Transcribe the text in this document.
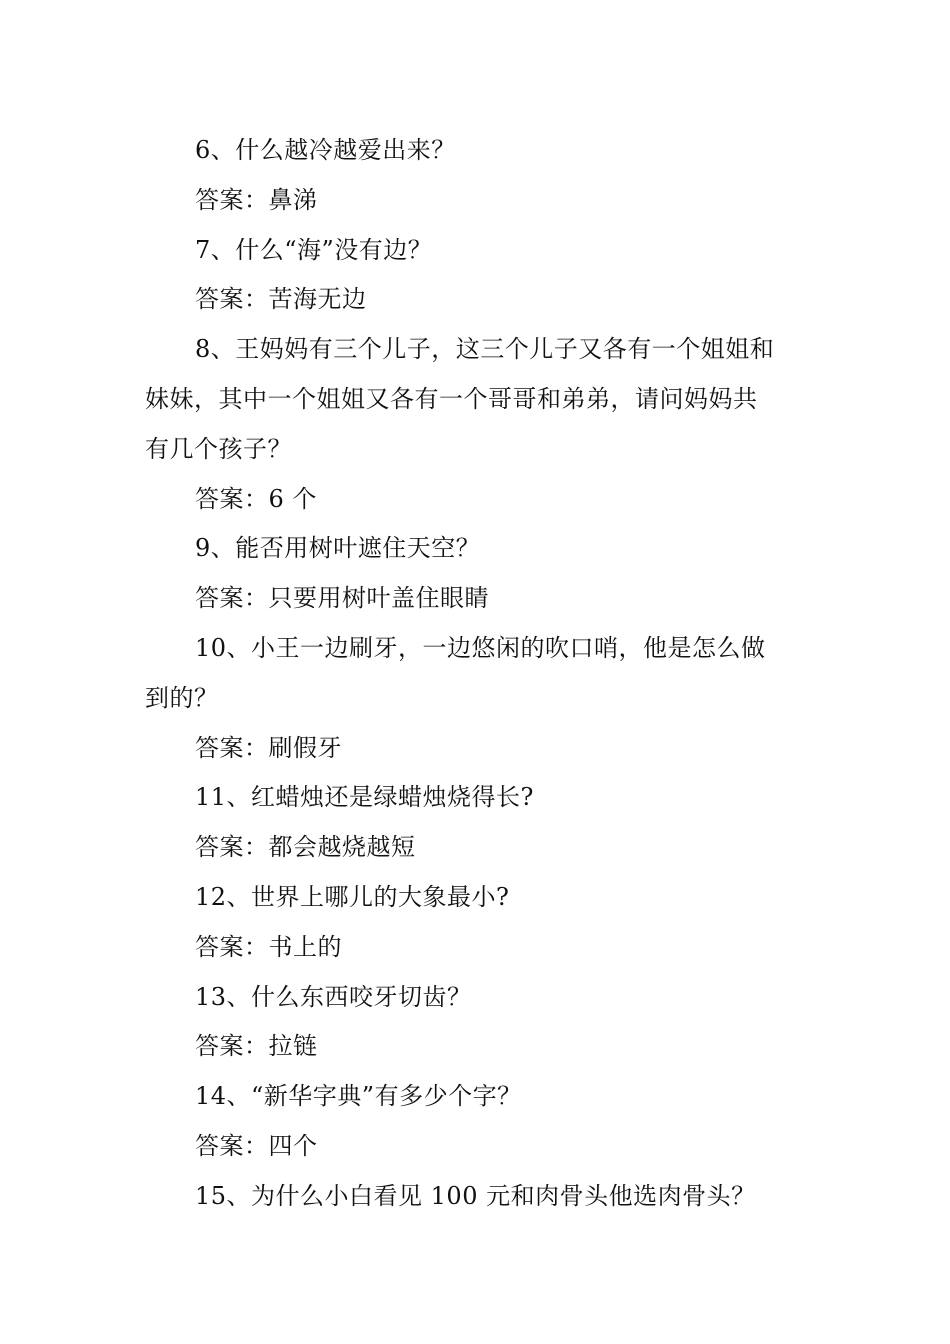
6、什么越冷越爱出来？
答案：鼻涕
7、什么“海”没有边？
答案：苦海无边
8、王妈妈有三个儿子，这三个儿子又各有一个姐姐和
妹妹，其中一个姐姐又各有一个哥哥和弟弟，请问妈妈共
有几个孩子？
答案：6 个
9、能否用树叶遮住天空？
答案：只要用树叶盖住眼睛
10、小王一边刷牙，一边悠闲的吹口哨，他是怎么做
到的？
答案：刷假牙
11、红蜡烛还是绿蜡烛烧得长?
答案：都会越烧越短
12、世界上哪儿的大象最小?
答案：书上的
13、什么东西咬牙切齿？
答案：拉链
14、“新华字典”有多少个字？
答案：四个
15、为什么小白看见 100 元和肉骨头他选肉骨头？
